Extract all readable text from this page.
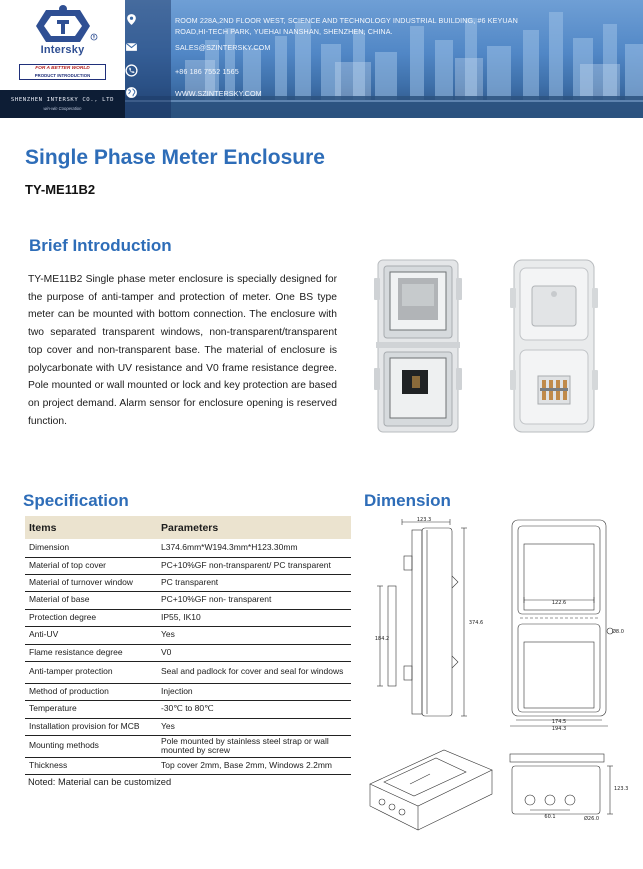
R
Intersky
FOR A BETTER WORLD
PRODUCT INTRODUCTION
SHENZHEN INTERSKY CO., LTD
win-win Cooperation
ROOM 228A,2ND FLOOR WEST, SCIENCE AND TECHNOLOGY INDUSTRIAL BUILDING, #6 KEYUAN
ROAD,HI-TECH PARK, YUEHAI NANSHAN, SHENZHEN, CHINA.
SALES@SZINTERSKY.COM
+86 186 7552 1565
WWW.SZINTERSKY.COM
Single Phase Meter Enclosure
TY-ME11B2
Brief Introduction
TY-ME11B2 Single phase meter enclosure is specially designed for the purpose of anti-tamper and protection of meter. One BS type meter can be mounted with bottom connection. The enclosure with two separated transparent windows, non-transparent/transparent top cover and non-transparent base. The material of enclosure is polycarbonate with UV resistance and V0 frame resistance degree. Pole mounted or wall mounted or lock and key protection are based on project demand. Alarm sensor for enclosure opening is reserved function.
Specification
Items	Parameters
Dimension	L374.6mm*W194.3mm*H123.30mm
Material of top cover	PC+10%GF non-transparent/ PC transparent
Material of turnover window	PC transparent
Material of base	PC+10%GF non- transparent
Protection degree	IP55, IK10
Anti-UV	Yes
Flame resistance degree	V0
Anti-tamper protection	Seal and padlock for cover and seal for windows
Method of production	Injection
Temperature	-30℃ to 80℃
Installation provision for MCB	Yes
Mounting methods	Pole mounted by stainless steel strap or wall mounted by screw
Thickness	Top cover 2mm, Base 2mm, Windows 2.2mm
Noted: Material can be customized
Dimension
123.3
184.2
374.6
122.6
Ø8.0
174.5
194.3
123.3
60.1	Ø26.0
